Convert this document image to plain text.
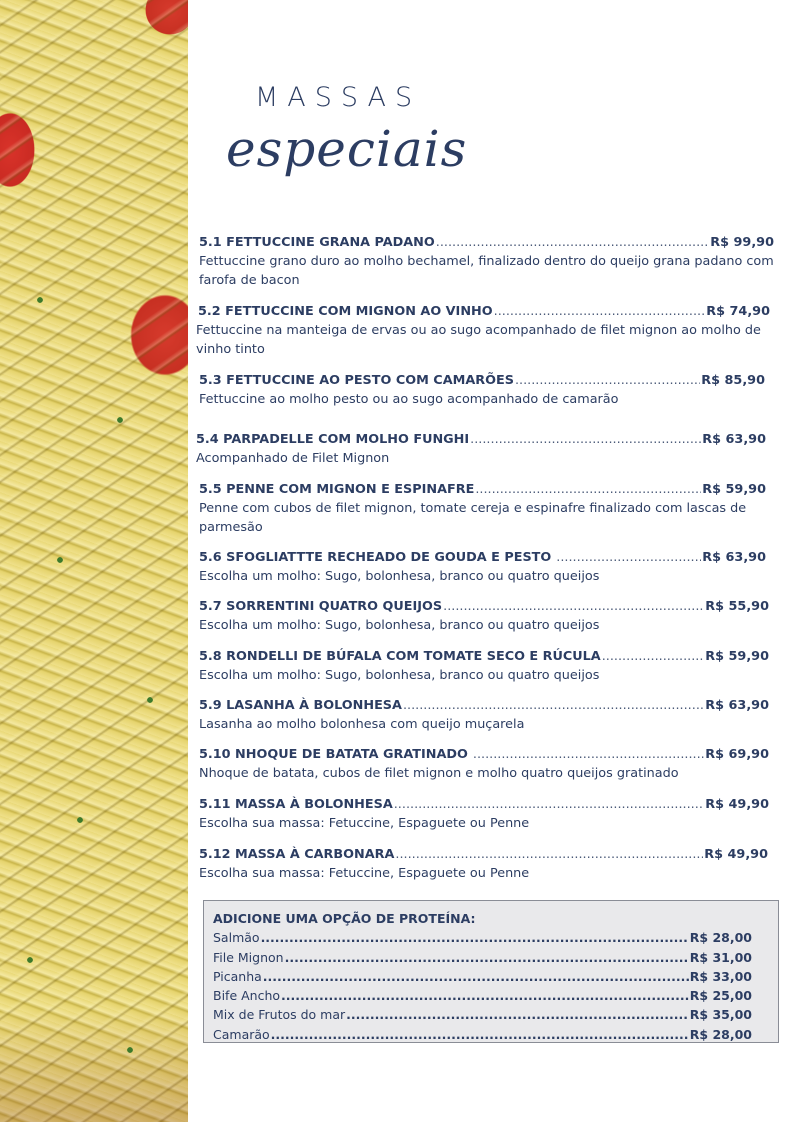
MASSAS
especiais
5.1 FETTUCCINE GRANA PADANO .....	R$ 99,90
Fettuccine grano duro ao molho bechamel, finalizado dentro do queijo grana padano com farofa de bacon
5.2 FETTUCCINE COM MIGNON AO VINHO .....	R$ 74,90
Fettuccine na manteiga de ervas ou ao sugo acompanhado de filet mignon ao molho de vinho tinto
5.3 FETTUCCINE AO PESTO COM CAMARÕES .....	R$ 85,90
Fettuccine ao molho pesto ou ao sugo acompanhado de camarão
5.4 PARPADELLE COM MOLHO FUNGHI .....	R$ 63,90
Acompanhado de Filet Mignon
5.5 PENNE COM MIGNON E ESPINAFRE .....	R$ 59,90
Penne com cubos de filet mignon, tomate cereja e espinafre finalizado com lascas de parmesão
5.6 SFOGLIATTTE RECHEADO DE GOUDA E PESTO .....	R$ 63,90
Escolha um molho: Sugo, bolonhesa, branco ou quatro queijos
5.7 SORRENTINI QUATRO QUEIJOS .....	R$ 55,90
Escolha um molho: Sugo, bolonhesa, branco ou quatro queijos
5.8 RONDELLI DE BÚFALA COM TOMATE SECO E RÚCULA .....	R$ 59,90
Escolha um molho: Sugo, bolonhesa, branco ou quatro queijos
5.9 LASANHA À BOLONHESA .....	R$ 63,90
Lasanha ao molho bolonhesa com queijo muçarela
5.10 NHOQUE DE BATATA GRATINADO .....	R$ 69,90
Nhoque de batata, cubos de filet mignon e molho quatro queijos gratinado
5.11 MASSA À BOLONHESA .....	R$ 49,90
Escolha sua massa: Fetuccine, Espaguete ou Penne
5.12 MASSA À CARBONARA .....	R$ 49,90
Escolha sua massa: Fetuccine, Espaguete ou Penne
ADICIONE UMA OPÇÃO DE PROTEÍNA:
Salmão .....	R$ 28,00
File Mignon .....	R$ 31,00
Picanha .....	R$ 33,00
Bife Ancho .....	R$ 25,00
Mix de Frutos do mar .....	R$ 35,00
Camarão .....	R$ 28,00
